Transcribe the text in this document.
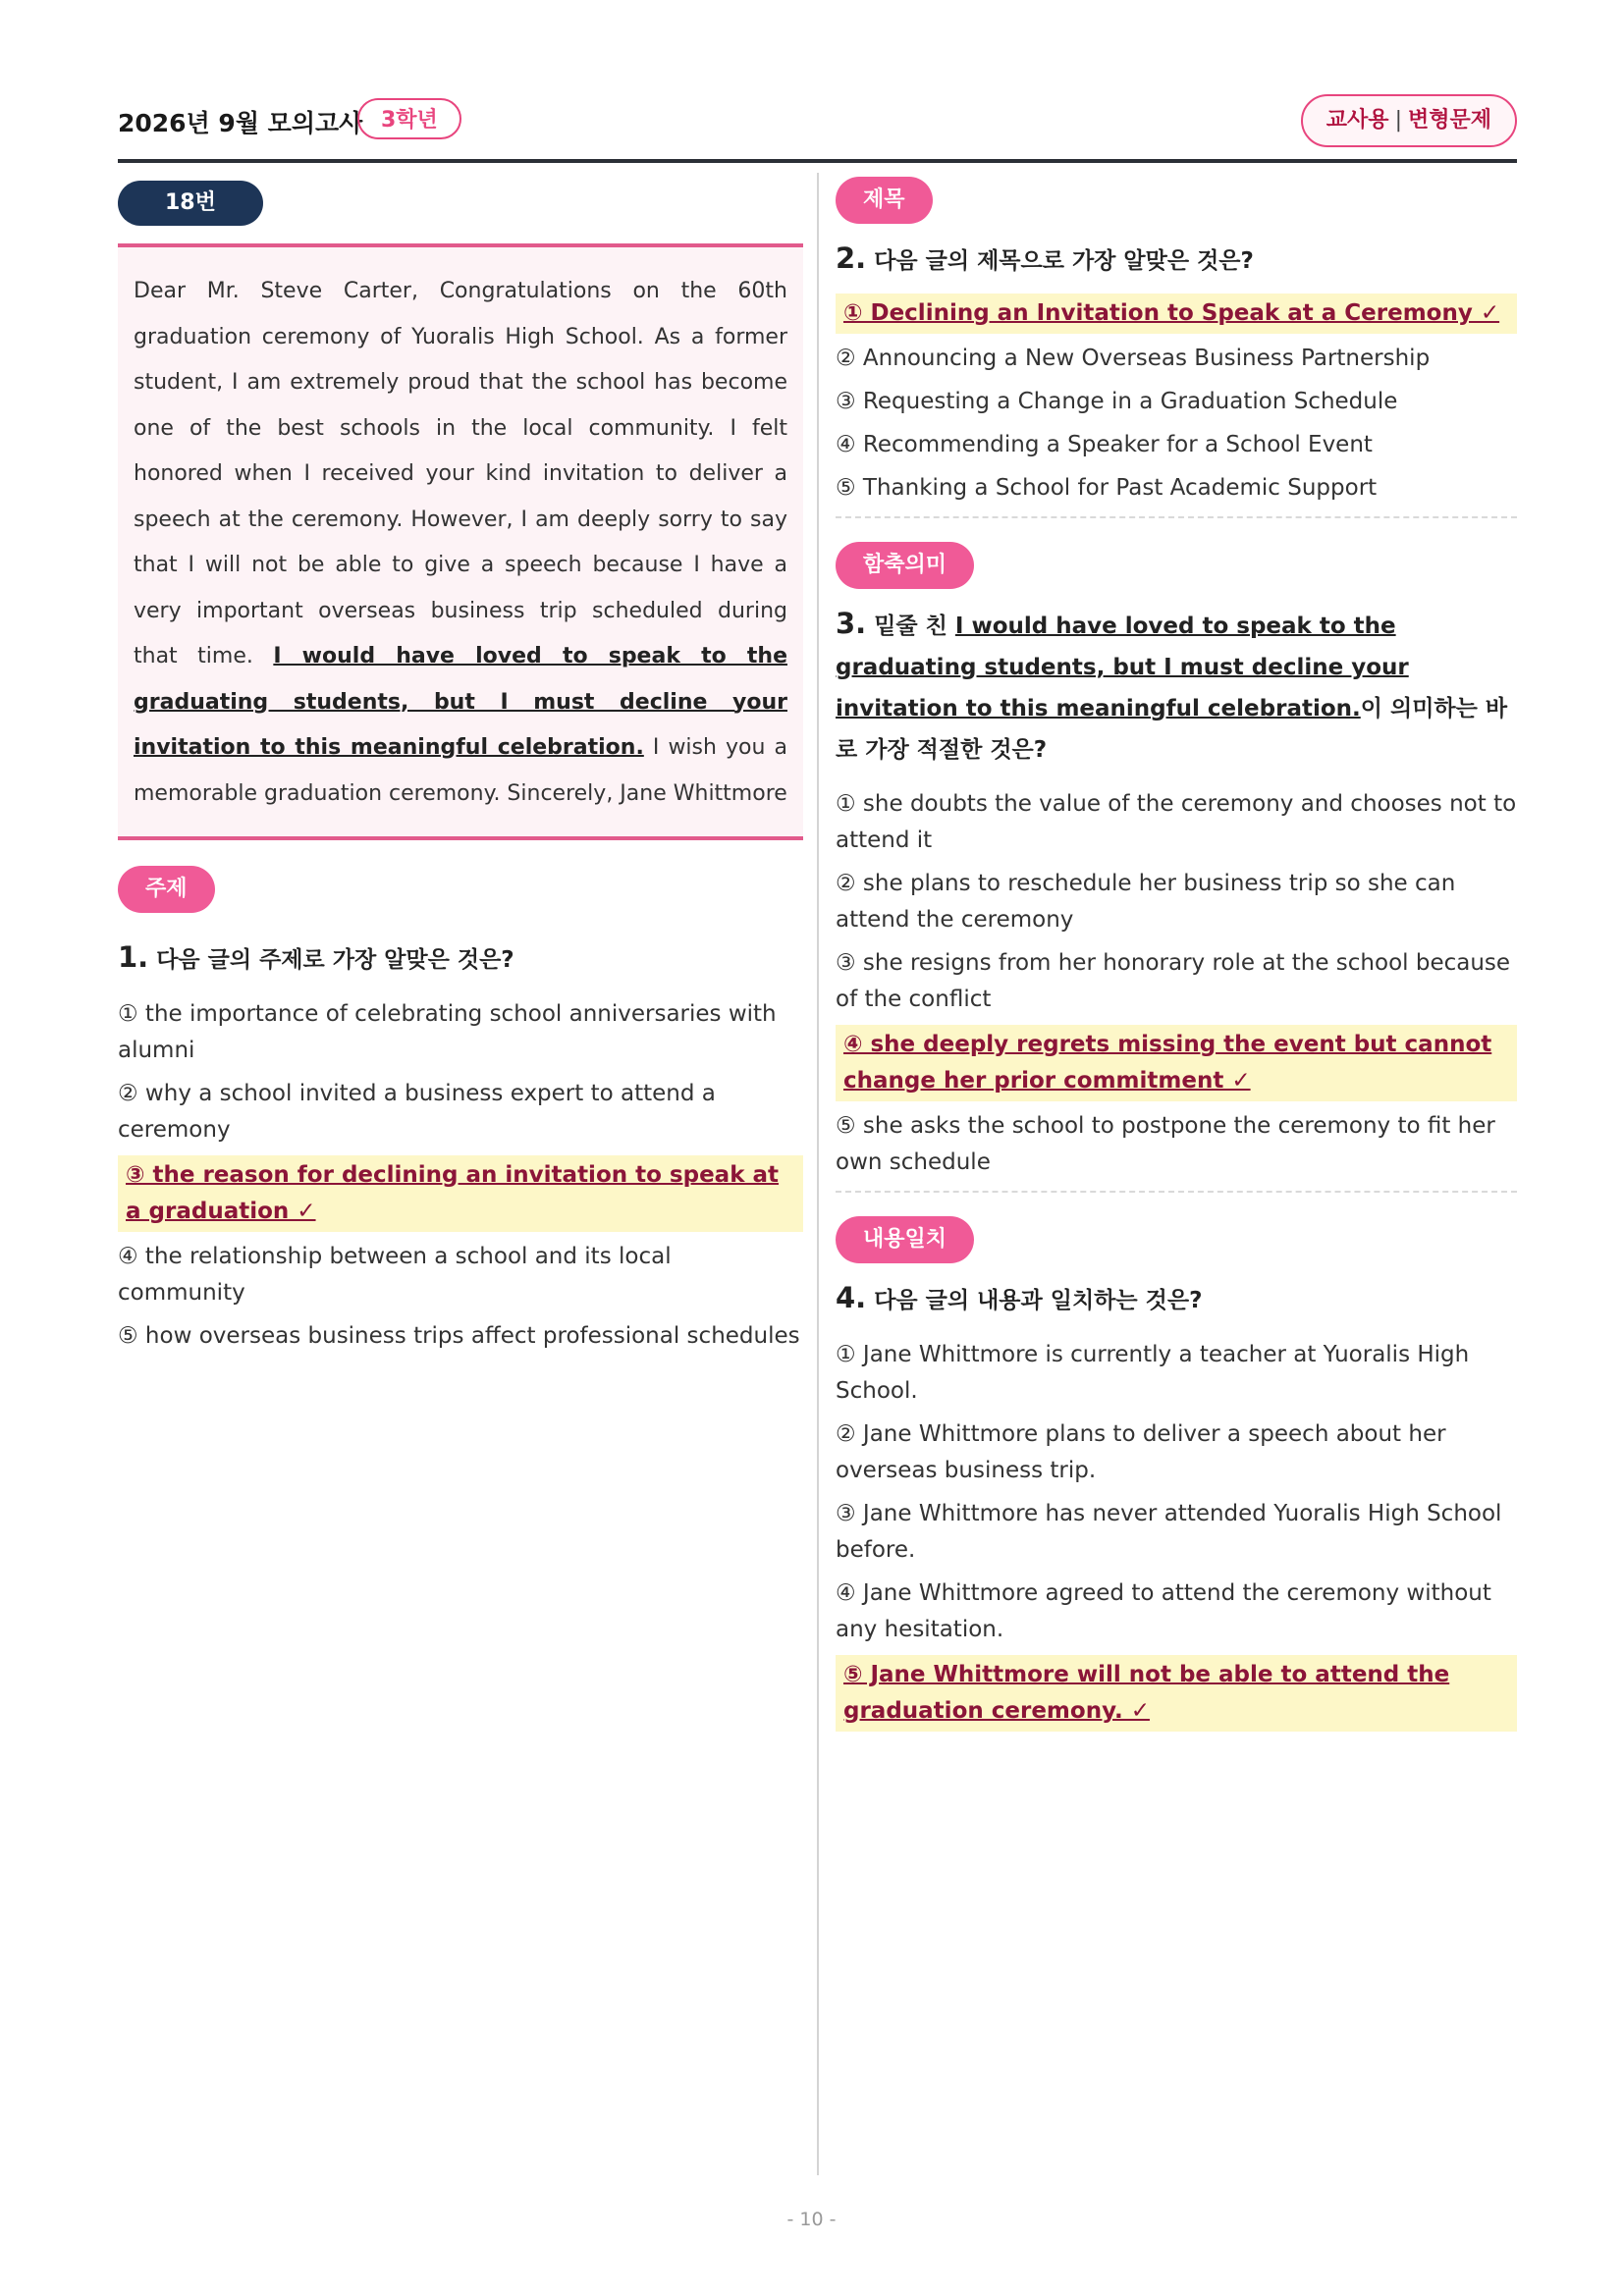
2026년 9월 모의고사 3학년	교사용 | 변형문제
18번
Dear Mr. Steve Carter, Congratulations on the 60th graduation ceremony of Yuoralis High School. As a former student, I am extremely proud that the school has become one of the best schools in the local community. I felt honored when I received your kind invitation to deliver a speech at the ceremony. However, I am deeply sorry to say that I will not be able to give a speech because I have a very important overseas business trip scheduled during that time. I would have loved to speak to the graduating students, but I must decline your invitation to this meaningful celebration. I wish you a memorable graduation ceremony. Sincerely, Jane Whittmore
주제
1. 다음 글의 주제로 가장 알맞은 것은?
① the importance of celebrating school anniversaries with alumni
② why a school invited a business expert to attend a ceremony
③ the reason for declining an invitation to speak at a graduation ✓
④ the relationship between a school and its local community
⑤ how overseas business trips affect professional schedules
제목
2. 다음 글의 제목으로 가장 알맞은 것은?
① Declining an Invitation to Speak at a Ceremony ✓
② Announcing a New Overseas Business Partnership
③ Requesting a Change in a Graduation Schedule
④ Recommending a Speaker for a School Event
⑤ Thanking a School for Past Academic Support
함축의미
3. 밑줄 친 I would have loved to speak to the graduating students, but I must decline your invitation to this meaningful celebration.이 의미하는 바로 가장 적절한 것은?
① she doubts the value of the ceremony and chooses not to attend it
② she plans to reschedule her business trip so she can attend the ceremony
③ she resigns from her honorary role at the school because of the conflict
④ she deeply regrets missing the event but cannot change her prior commitment ✓
⑤ she asks the school to postpone the ceremony to fit her own schedule
내용일치
4. 다음 글의 내용과 일치하는 것은?
① Jane Whittmore is currently a teacher at Yuoralis High School.
② Jane Whittmore plans to deliver a speech about her overseas business trip.
③ Jane Whittmore has never attended Yuoralis High School before.
④ Jane Whittmore agreed to attend the ceremony without any hesitation.
⑤ Jane Whittmore will not be able to attend the graduation ceremony. ✓
- 10 -
